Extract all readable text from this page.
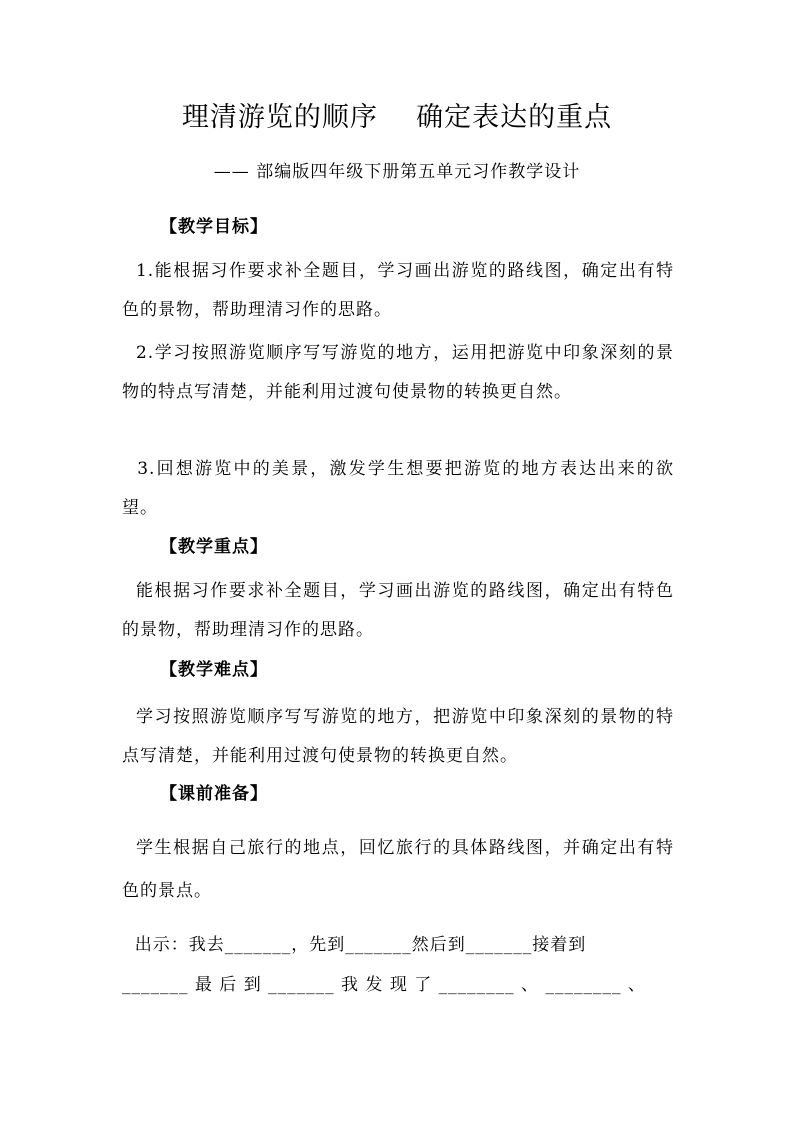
理清游览的顺序    确定表达的重点
—— 部编版四年级下册第五单元习作教学设计
【教学目标】
1.能根据习作要求补全题目，学习画出游览的路线图，确定出有特色的景物，帮助理清习作的思路。
2.学习按照游览顺序写写游览的地方，运用把游览中印象深刻的景物的特点写清楚，并能利用过渡句使景物的转换更自然。
3.回想游览中的美景，激发学生想要把游览的地方表达出来的欲望。
【教学重点】
能根据习作要求补全题目，学习画出游览的路线图，确定出有特色的景物，帮助理清习作的思路。
【教学难点】
学习按照游览顺序写写游览的地方，把游览中印象深刻的景物的特点写清楚，并能利用过渡句使景物的转换更自然。
【课前准备】
学生根据自己旅行的地点，回忆旅行的具体路线图，并确定出有特色的景点。
出示：我去_______，先到_______然后到_______接着到
_______ 最 后 到 _______ 我 发 现 了 ________ 、 ________ 、
